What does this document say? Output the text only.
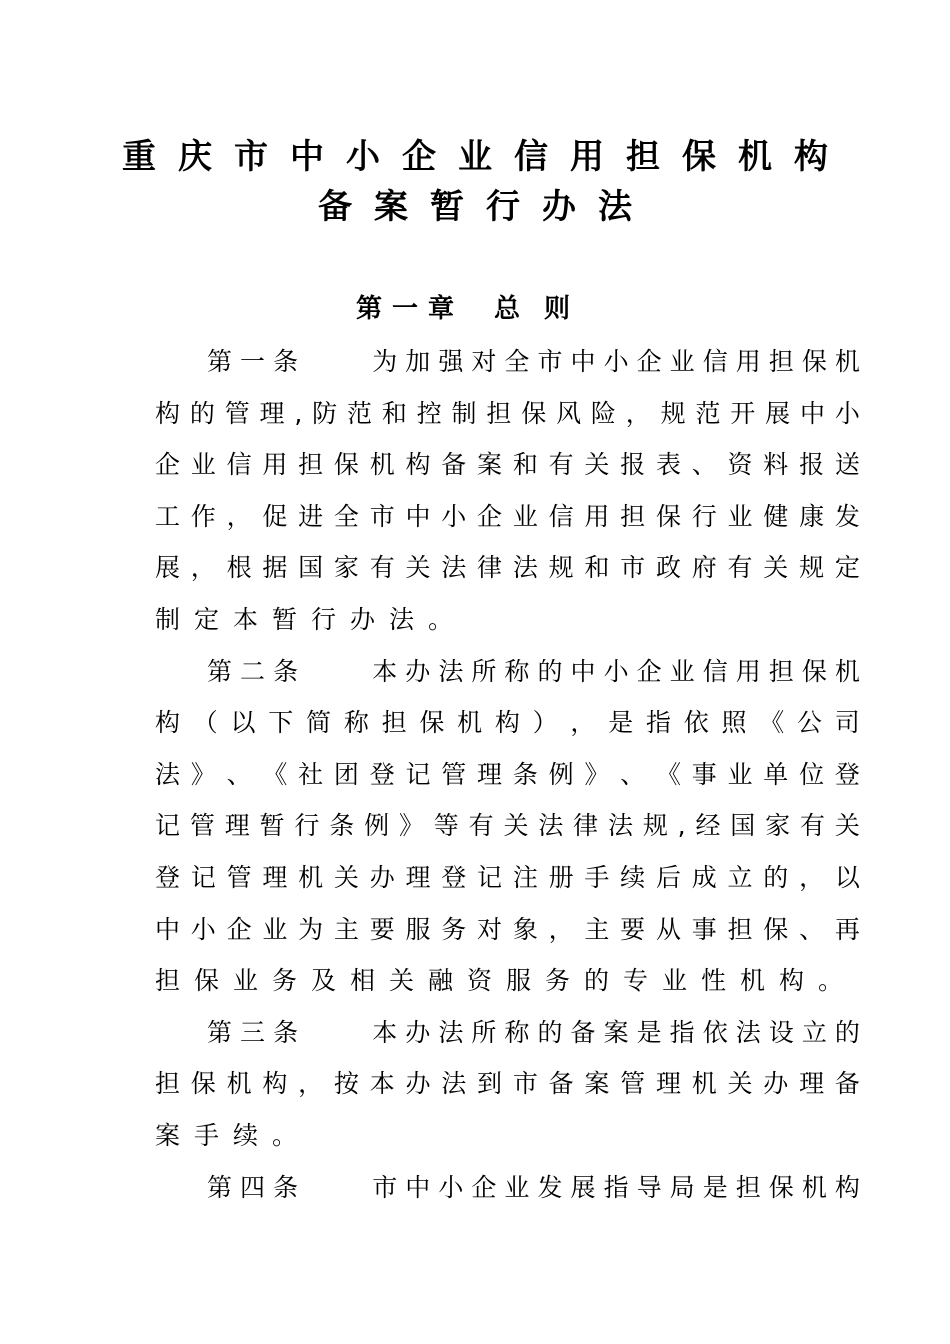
重庆市中小企业信用担保机构
备案暂行办法
第一章 总则
第 一 条

　	为 加 强 对 全 市 中 小 企 业 信 用 担 保 机
构 的 管 理 , 防 范 和 控 制 担 保 风 险 ， 规 范 开 展 中 小
企 业 信 用 担 保 机 构 备 案 和 有 关 报 表 、 资 料 报 送
工 作 ， 促 进 全 市 中 小 企 业 信 用 担 保 行 业 健 康 发
展 ， 根 据 国 家 有 关 法 律 法 规 和 市 政 府 有 关 规 定
制定本暂行办法。
第 二 条

　	本 办 法 所 称 的 中 小 企 业 信 用 担 保 机
构 （ 以 下 简 称 担 保 机 构 ） ， 是 指 依 照 《 公 司
法 》 、 《 社 团 登 记 管 理 条 例 》 、 《 事 业 单 位 登
记 管 理 暂 行 条 例 》 等 有 关 法 律 法 规 , 经 国 家 有 关
登 记 管 理 机 关 办 理 登 记 注 册 手 续 后 成 立 的 ， 以
中 小 企 业 为 主 要 服 务 对 象 ， 主 要 从 事 担 保 、 再
担保业务及相关融资服务的专业性机构。
第 三 条

　	本 办 法 所 称 的 备 案 是 指 依 法 设 立 的
担 保 机 构 ， 按 本 办 法 到 市 备 案 管 理 机 关 办 理 备
案手续。
第 四 条

　	市 中 小 企 业 发 展 指 导 局 是 担 保 机 构
